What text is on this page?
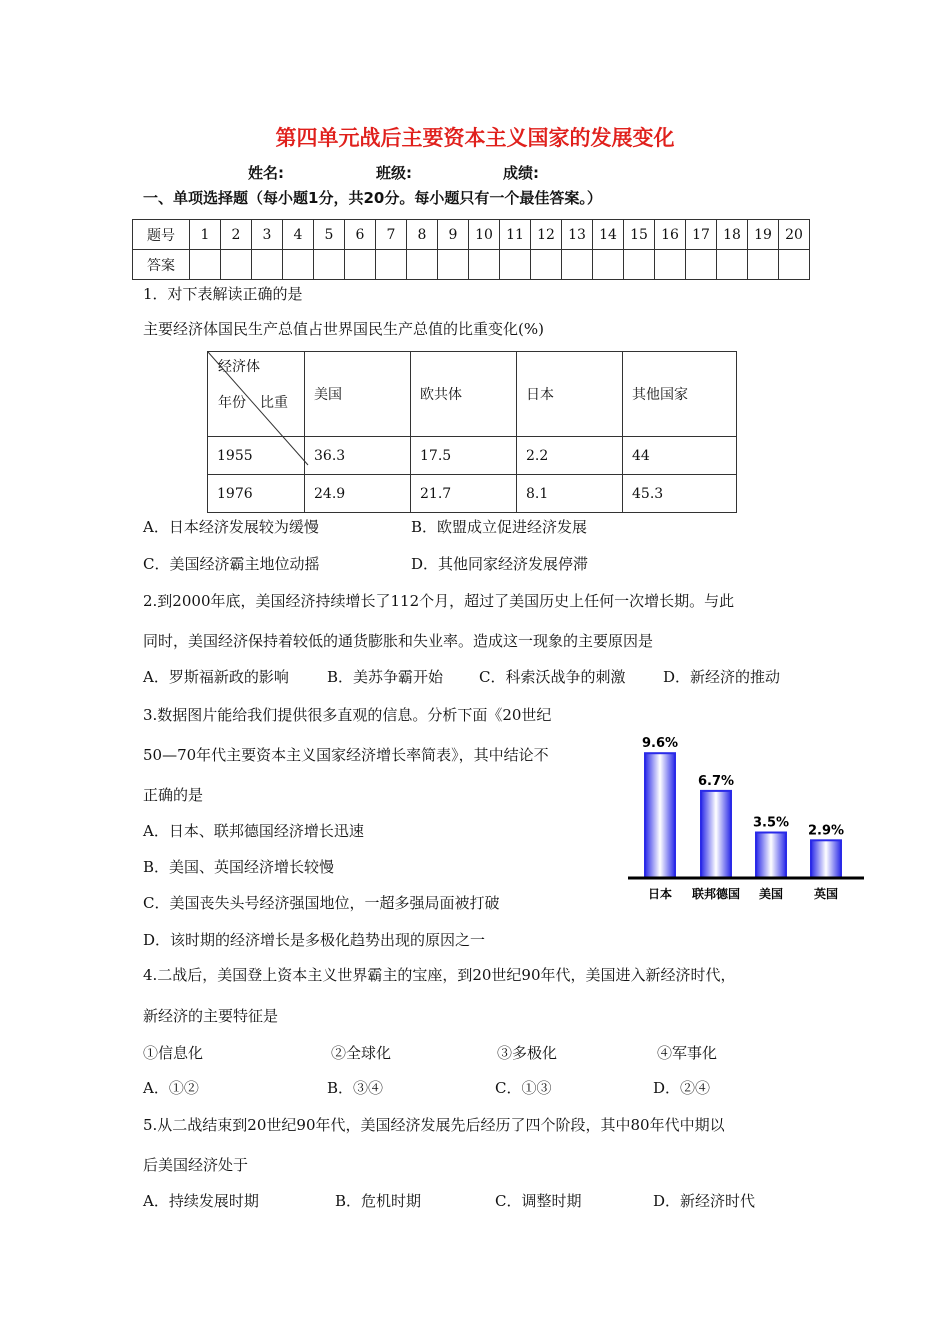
第四单元战后主要资本主义国家的发展变化
姓名:	班级:	成绩:
一、单项选择题（每小题1分，共20分。每小题只有一个最佳答案。）
题号	1	2	3	4	5	6	7	8	9	10	11	12	13	14	15	16	17	18	19	20
答案																				
1．对下表解读正确的是
主要经济体国民生产总值占世界国民生产总值的比重变化(%)
经济体
年份　比重	美国	欧共体	日本	其他国家
1955	36.3	17.5	2.2	44
1976	24.9	21.7	8.1	45.3
A．日本经济发展较为缓慢	B．欧盟成立促进经济发展
C．美国经济霸主地位动摇	D．其他同家经济发展停滞
2.到2000年底，美国经济持续增长了112个月，超过了美国历史上任何一次增长期。与此
同时，美国经济保持着较低的通货膨胀和失业率。造成这一现象的主要原因是
A．罗斯福新政的影响	B．美苏争霸开始 C．科索沃战争的刺激	D．新经济的推动
3.数据图片能给我们提供很多直观的信息。分析下面《20世纪
50—70年代主要资本主义国家经济增长率简表》，其中结论不
正确的是
A．日本、联邦德国经济增长迅速
B．美国、英国经济增长较慢
C．美国丧失头号经济强国地位，一超多强局面被打破
D．该时期的经济增长是多极化趋势出现的原因之一
9.6%
日本
6.7%
联邦德国
3.5%
美国
2.9%
英国
4.二战后，美国登上资本主义世界霸主的宝座，到20世纪90年代，美国进入新经济时代，
新经济的主要特征是
①信息化	②全球化	③多极化	④军事化
A．①②	B．③④	C．①③	D．②④
5.从二战结束到20世纪90年代，美国经济发展先后经历了四个阶段，其中80年代中期以
后美国经济处于
A．持续发展时期	B．危机时期	C．调整时期	D．新经济时代
